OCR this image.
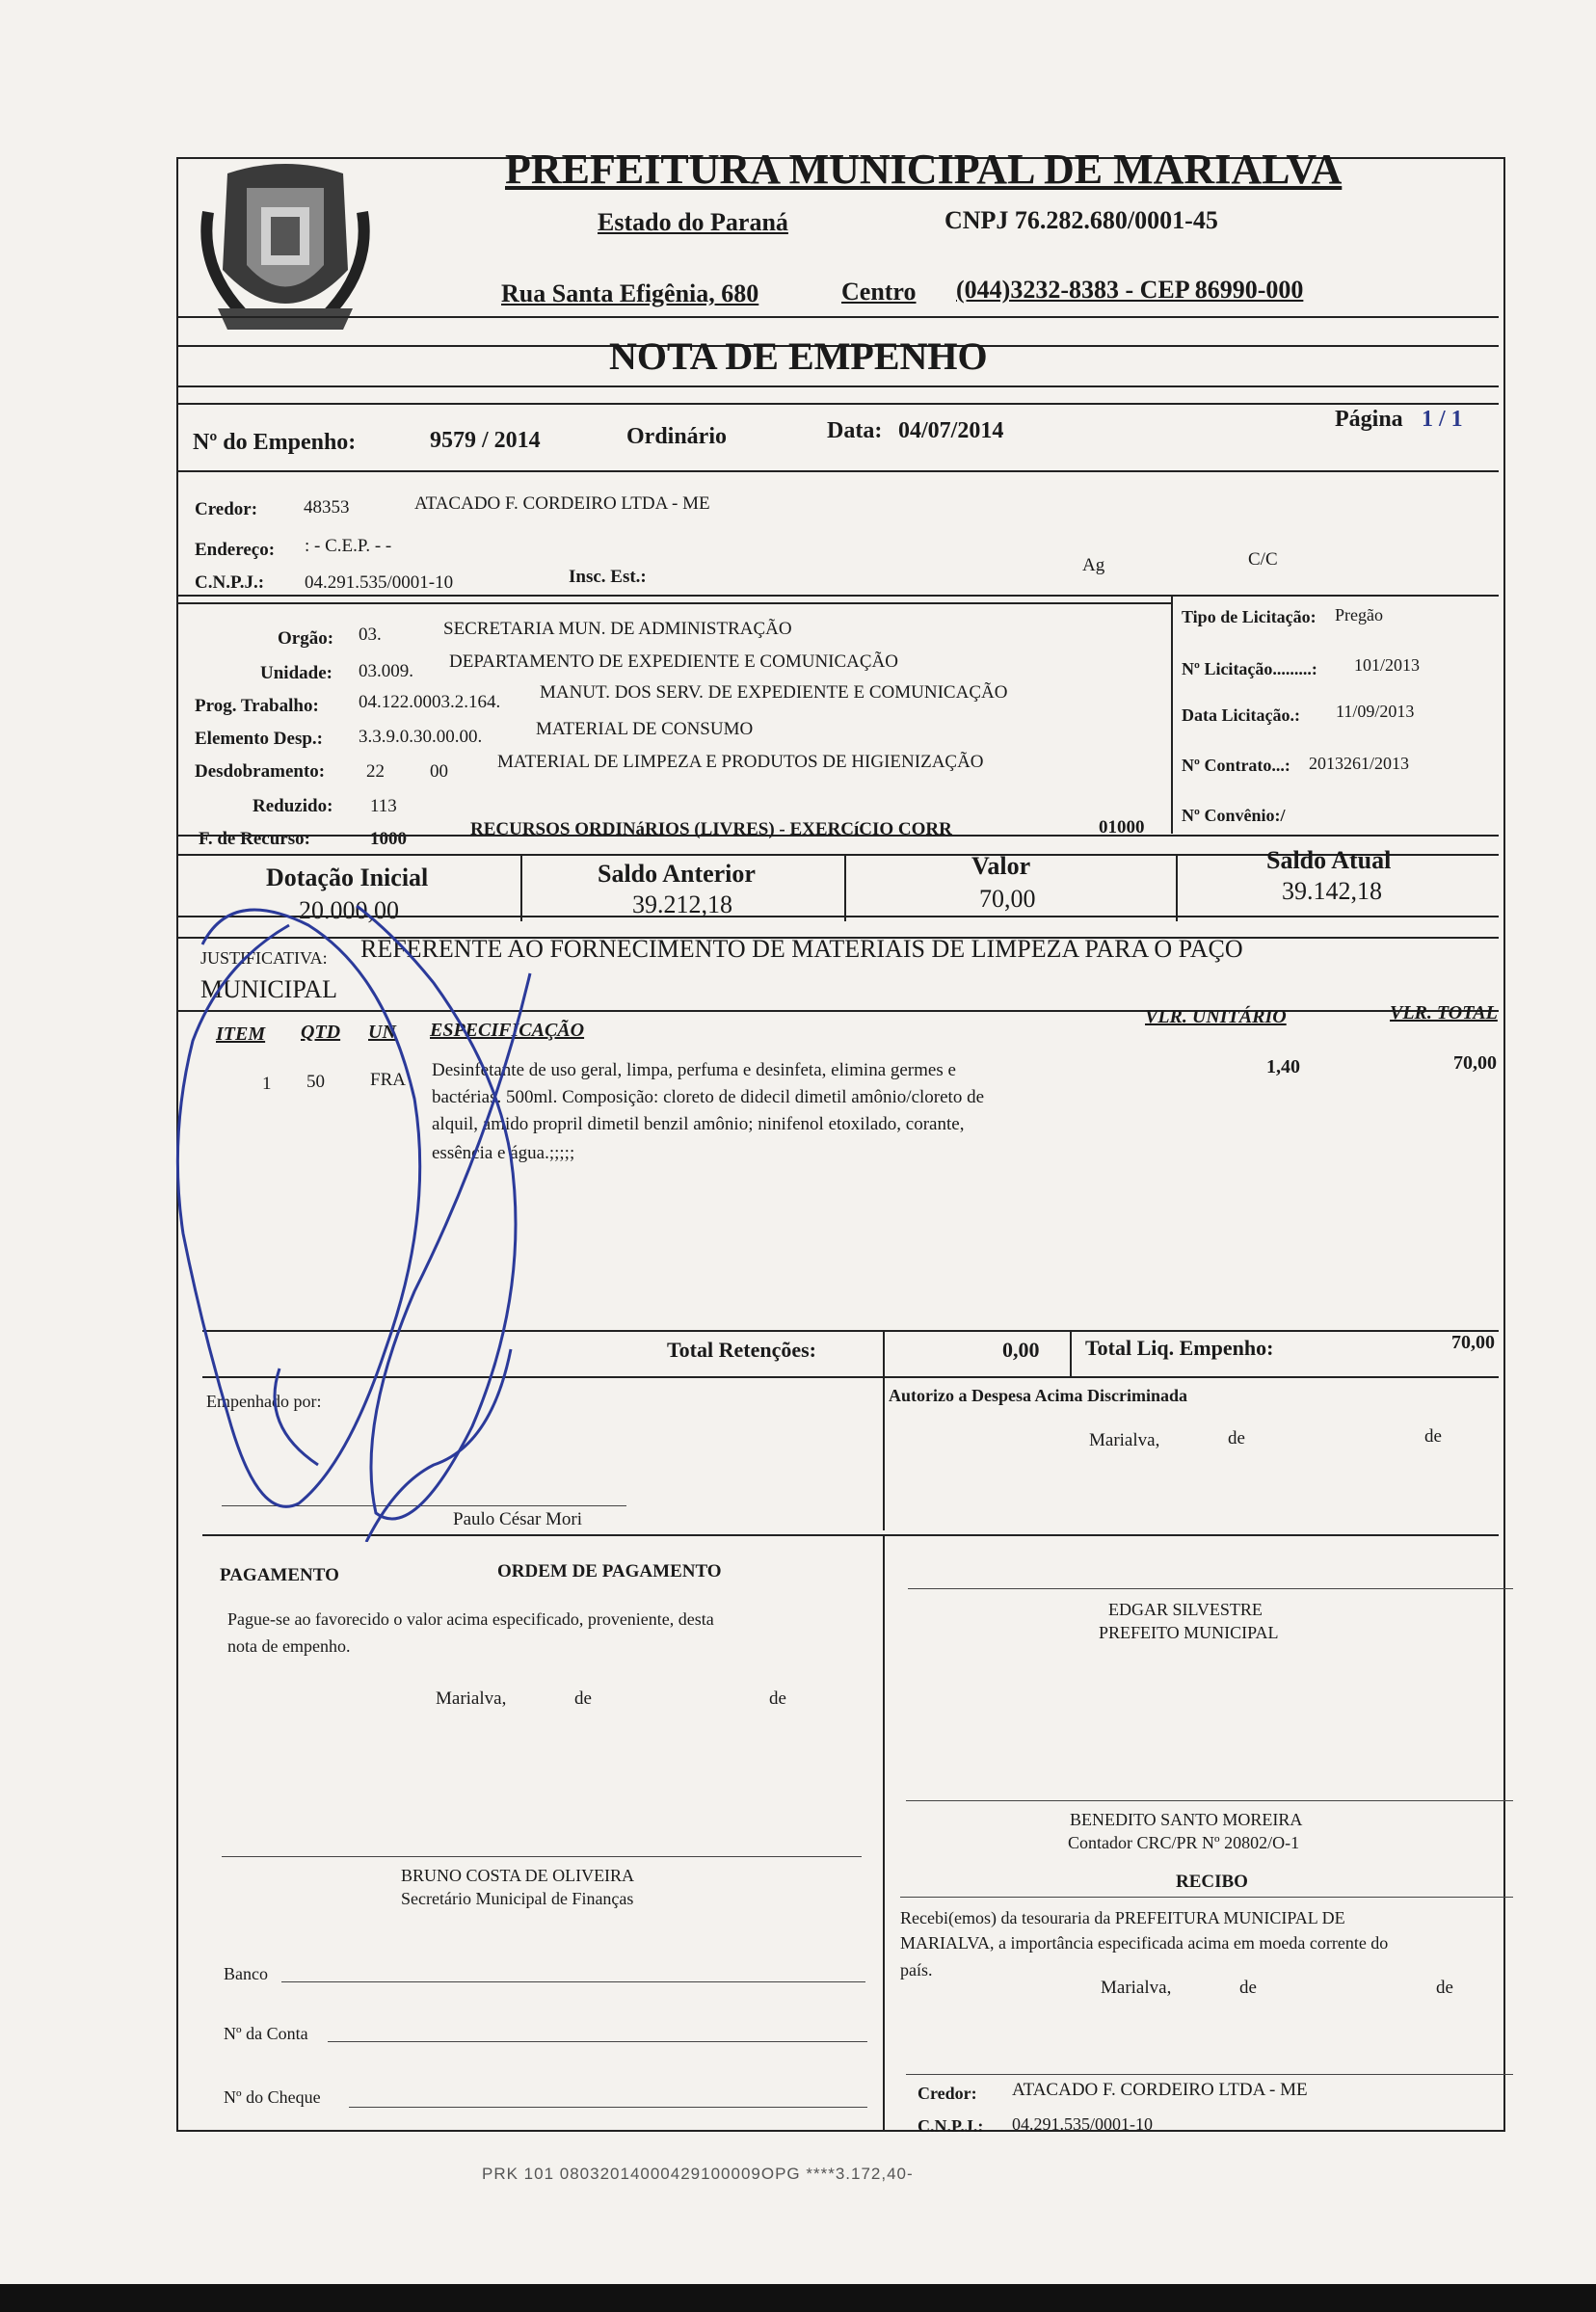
PREFEITURA MUNICIPAL DE MARIALVA
Estado do Paraná	CNPJ 76.282.680/0001-45
Rua Santa Efigênia, 680	Centro (044)3232-8383 - CEP 86990-000
NOTA DE EMPENHO
Nº do Empenho:	9579 / 2014	Ordinário	Data: 04/07/2014	Página 1 / 1
Credor:	48353	ATACADO F. CORDEIRO LTDA - ME
Endereço: : - C.E.P. - -
C.N.P.J.: 04.291.535/0001-10	Insc. Est.:
Ag	C/C
Orgão: 03.	SECRETARIA MUN. DE ADMINISTRAÇÃO
Unidade: 03.009. DEPARTAMENTO DE EXPEDIENTE E COMUNICAÇÃO
Prog. Trabalho: 04.122.0003.2.164. MANUT. DOS SERV. DE EXPEDIENTE E COMUNICAÇÃO
Elemento Desp.: 3.3.9.0.30.00.00.	MATERIAL DE CONSUMO
Desdobramento: 22 00	MATERIAL DE LIMPEZA E PRODUTOS DE HIGIENIZAÇÃO
Reduzido: 113
F. de Recurso:	1000	RECURSOS ORDINáRIOS (LIVRES) - EXERCíCIO CORR	01000
Tipo de Licitação: Pregão
Nº Licitação.........: 101/2013
Data Licitação.: 11/09/2013
Nº Contrato...: 2013261/2013
Nº Convênio:/
Dotação Inicial
20.000,00
Saldo Anterior
39.212,18
Valor
70,00
Saldo Atual
39.142,18
JUSTIFICATIVA: REFERENTE AO FORNECIMENTO DE MATERIAIS DE LIMPEZA PARA O PAÇO
MUNICIPAL
ITEM QTD UN ESPECIFICAÇÃO
VLR. UNITÁRIO	VLR. TOTAL
1 50 FRA Desinfetante de uso geral, limpa, perfuma e desinfeta, elimina germes e
bactérias. 500ml. Composição: cloreto de didecil dimetil amônio/cloreto de
alquil, amido propril dimetil benzil amônio; ninifenol etoxilado, corante,
essência e água.;;;;;
1,40	70,00
Total Retenções:	0,00 Total Liq. Empenho:	70,00
Empenhado por:	Autorizo a Despesa Acima Discriminada
Marialva,	de	de
Paulo César Mori
PAGAMENTO	ORDEM DE PAGAMENTO
Pague-se ao favorecido o valor acima especificado, proveniente, desta
nota de empenho.
Marialva,	de	de
EDGAR SILVESTRE
PREFEITO MUNICIPAL
BENEDITO SANTO MOREIRA
Contador CRC/PR Nº 20802/O-1
BRUNO COSTA DE OLIVEIRA
Secretário Municipal de Finanças
RECIBO
Recebi(emos) da tesouraria da PREFEITURA MUNICIPAL DE
MARIALVA, a importância especificada acima em moeda corrente do
país.
Marialva,	de	de
Credor: ATACADO F. CORDEIRO LTDA - ME
C.N.P.J.: 04.291.535/0001-10
Banco
Nº da Conta
Nº do Cheque
PRK 101 08032014000429100009OPG ****3.172,40-
